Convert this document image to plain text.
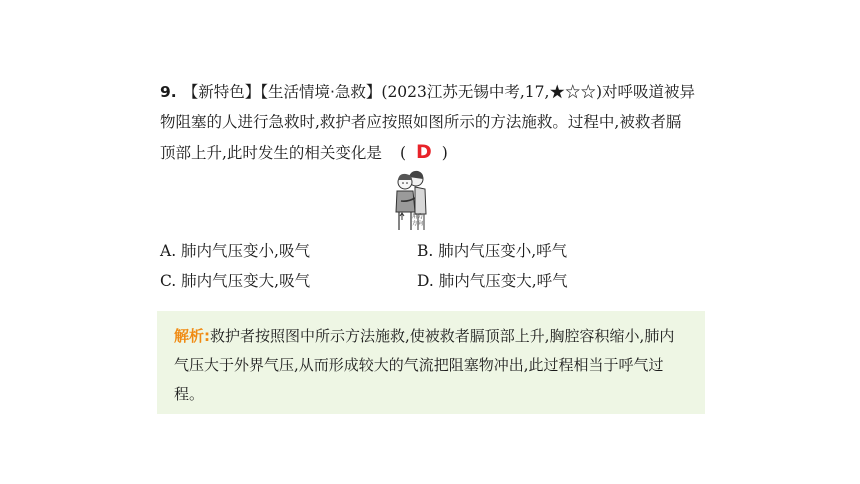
9. 【新特色】【生活情境·急救】(2023江苏无锡中考,17,★☆☆)对呼吸道被异
物阻塞的人进行急救时,救护者应按照如图所示的方法施救。过程中,被救者膈
顶部上升,此时发生的相关变化是 ( D )
用力
方向
A. 肺内气压变小,吸气	B. 肺内气压变小,呼气
C. 肺内气压变大,吸气	D. 肺内气压变大,呼气
解析:救护者按照图中所示方法施救,使被救者膈顶部上升,胸腔容积缩小,肺内气压大于外界气压,从而形成较大的气流把阻塞物冲出,此过程相当于呼气过程。
